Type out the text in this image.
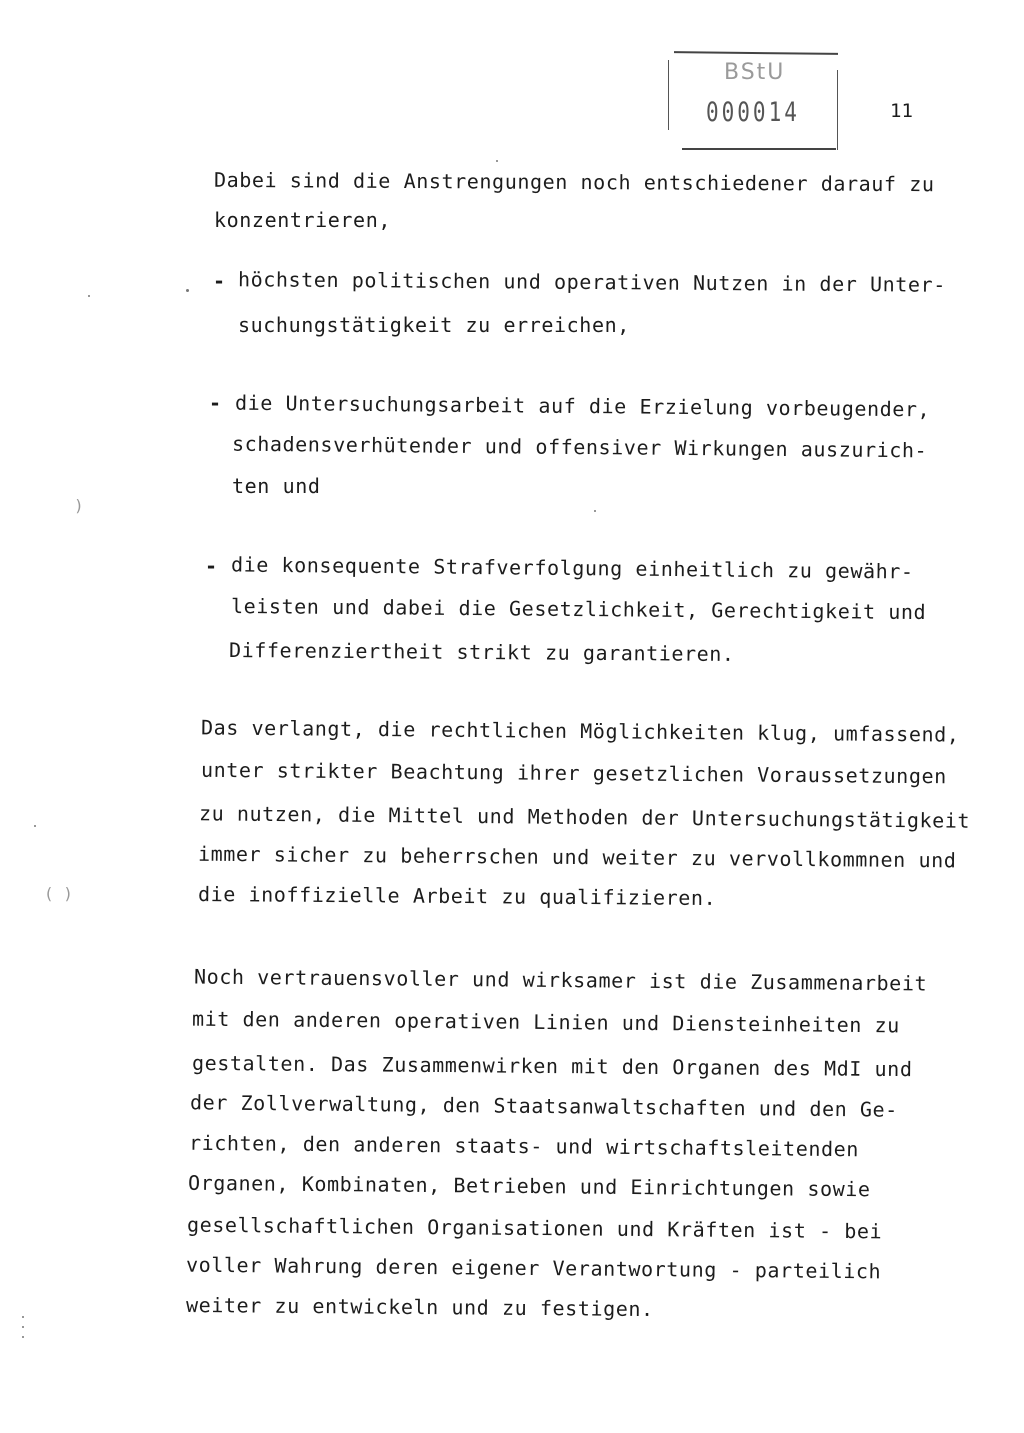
BStU
000014	11
Dabei sind die Anstrengungen noch entschiedener darauf zu
konzentrieren,
- höchsten politischen und operativen Nutzen in der Unter-
suchungstätigkeit zu erreichen,
- die Untersuchungsarbeit auf die Erzielung vorbeugender,
schadensverhütender und offensiver Wirkungen auszurich-
ten und
- die konsequente Strafverfolgung einheitlich zu gewähr-
leisten und dabei die Gesetzlichkeit, Gerechtigkeit und
Differenziertheit strikt zu garantieren.
Das verlangt, die rechtlichen Möglichkeiten klug, umfassend,
unter strikter Beachtung ihrer gesetzlichen Voraussetzungen
zu nutzen, die Mittel und Methoden der Untersuchungstätigkeit
immer sicher zu beherrschen und weiter zu vervollkommnen und
die inoffizielle Arbeit zu qualifizieren.
Noch vertrauensvoller und wirksamer ist die Zusammenarbeit
mit den anderen operativen Linien und Diensteinheiten zu
gestalten. Das Zusammenwirken mit den Organen des MdI und
der Zollverwaltung, den Staatsanwaltschaften und den Ge-
richten, den anderen staats- und wirtschaftsleitenden
Organen, Kombinaten, Betrieben und Einrichtungen sowie
gesellschaftlichen Organisationen und Kräften ist - bei
voller Wahrung deren eigener Verantwortung - parteilich
weiter zu entwickeln und zu festigen.
)
( )
